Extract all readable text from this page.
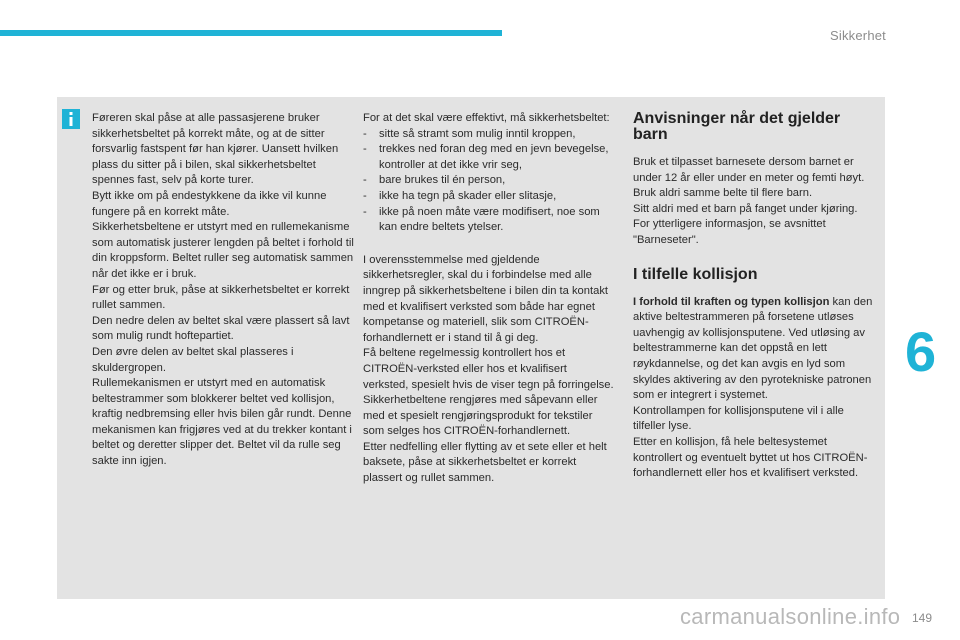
Sikkerhet

Føreren skal påse at alle passasjerene bruker sikkerhetsbeltet på korrekt måte, og at de sitter forsvarlig fastspent før han kjører. Uansett hvilken plass du sitter på i bilen, skal sikkerhetsbeltet spennes fast, selv på korte turer.
Bytt ikke om på endestykkene da ikke vil kunne fungere på en korrekt måte.
Sikkerhetsbeltene er utstyrt med en rullemekanisme som automatisk justerer lengden på beltet i forhold til din kroppsform. Beltet ruller seg automatisk sammen når det ikke er i bruk.
Før og etter bruk, påse at sikkerhetsbeltet er korrekt rullet sammen.
Den nedre delen av beltet skal være plassert så lavt som mulig rundt hoftepartiet.
Den øvre delen av beltet skal plasseres i skuldergropen.
Rullemekanismen er utstyrt med en automatisk beltestrammer som blokkerer beltet ved kollisjon, kraftig nedbremsing eller hvis bilen går rundt. Denne mekanismen kan frigjøres ved at du trekker kontant i beltet og deretter slipper det. Beltet vil da rulle seg sakte inn igjen.

For at det skal være effektivt, må sikkerhetsbeltet:

- sitte så stramt som mulig inntil kroppen,
- trekkes ned foran deg med en jevn bevegelse, kontroller at det ikke vrir seg,
- bare brukes til én person,
- ikke ha tegn på skader eller slitasje,
- ikke på noen måte være modifisert, noe som kan endre beltets ytelser.

I overensstemmelse med gjeldende sikkerhetsregler, skal du i forbindelse med alle inngrep på sikkerhetsbeltene i bilen din ta kontakt med et kvalifisert verksted som både har egnet kompetanse og materiell, slik som CITROËN-forhandlernett er i stand til å gi deg.
Få beltene regelmessig kontrollert hos et CITROËN-verksted eller hos et kvalifisert verksted, spesielt hvis de viser tegn på forringelse.
Sikkerhetbeltene rengjøres med såpevann eller med et spesielt rengjøringsprodukt for tekstiler som selges hos CITROËN-forhandlernett.
Etter nedfelling eller flytting av et sete eller et helt baksete, påse at sikkerhetsbeltet er korrekt plassert og rullet sammen.

Anvisninger når det gjelder barn

Bruk et tilpasset barnesete dersom barnet er under 12 år eller under en meter og femti høyt.
Bruk aldri samme belte til flere barn.
Sitt aldri med et barn på fanget under kjøring.
For ytterligere informasjon, se avsnittet "Barneseter".

I tilfelle kollisjon

I forhold til kraften og typen kollisjon kan den aktive beltestrammeren på forsetene utløses uavhengig av kollisjonsputene. Ved utløsing av beltestrammerne kan det oppstå en lett røykdannelse, og det kan avgis en lyd som skyldes aktivering av den pyrotekniske patronen som er integrert i systemet.
Kontrollampen for kollisjonsputene vil i alle tilfeller lyse.
Etter en kollisjon, få hele beltesystemet kontrollert og eventuelt byttet ut hos CITROËN-forhandlernett eller hos et kvalifisert verksted.

6
carmanualsonline.info 149
